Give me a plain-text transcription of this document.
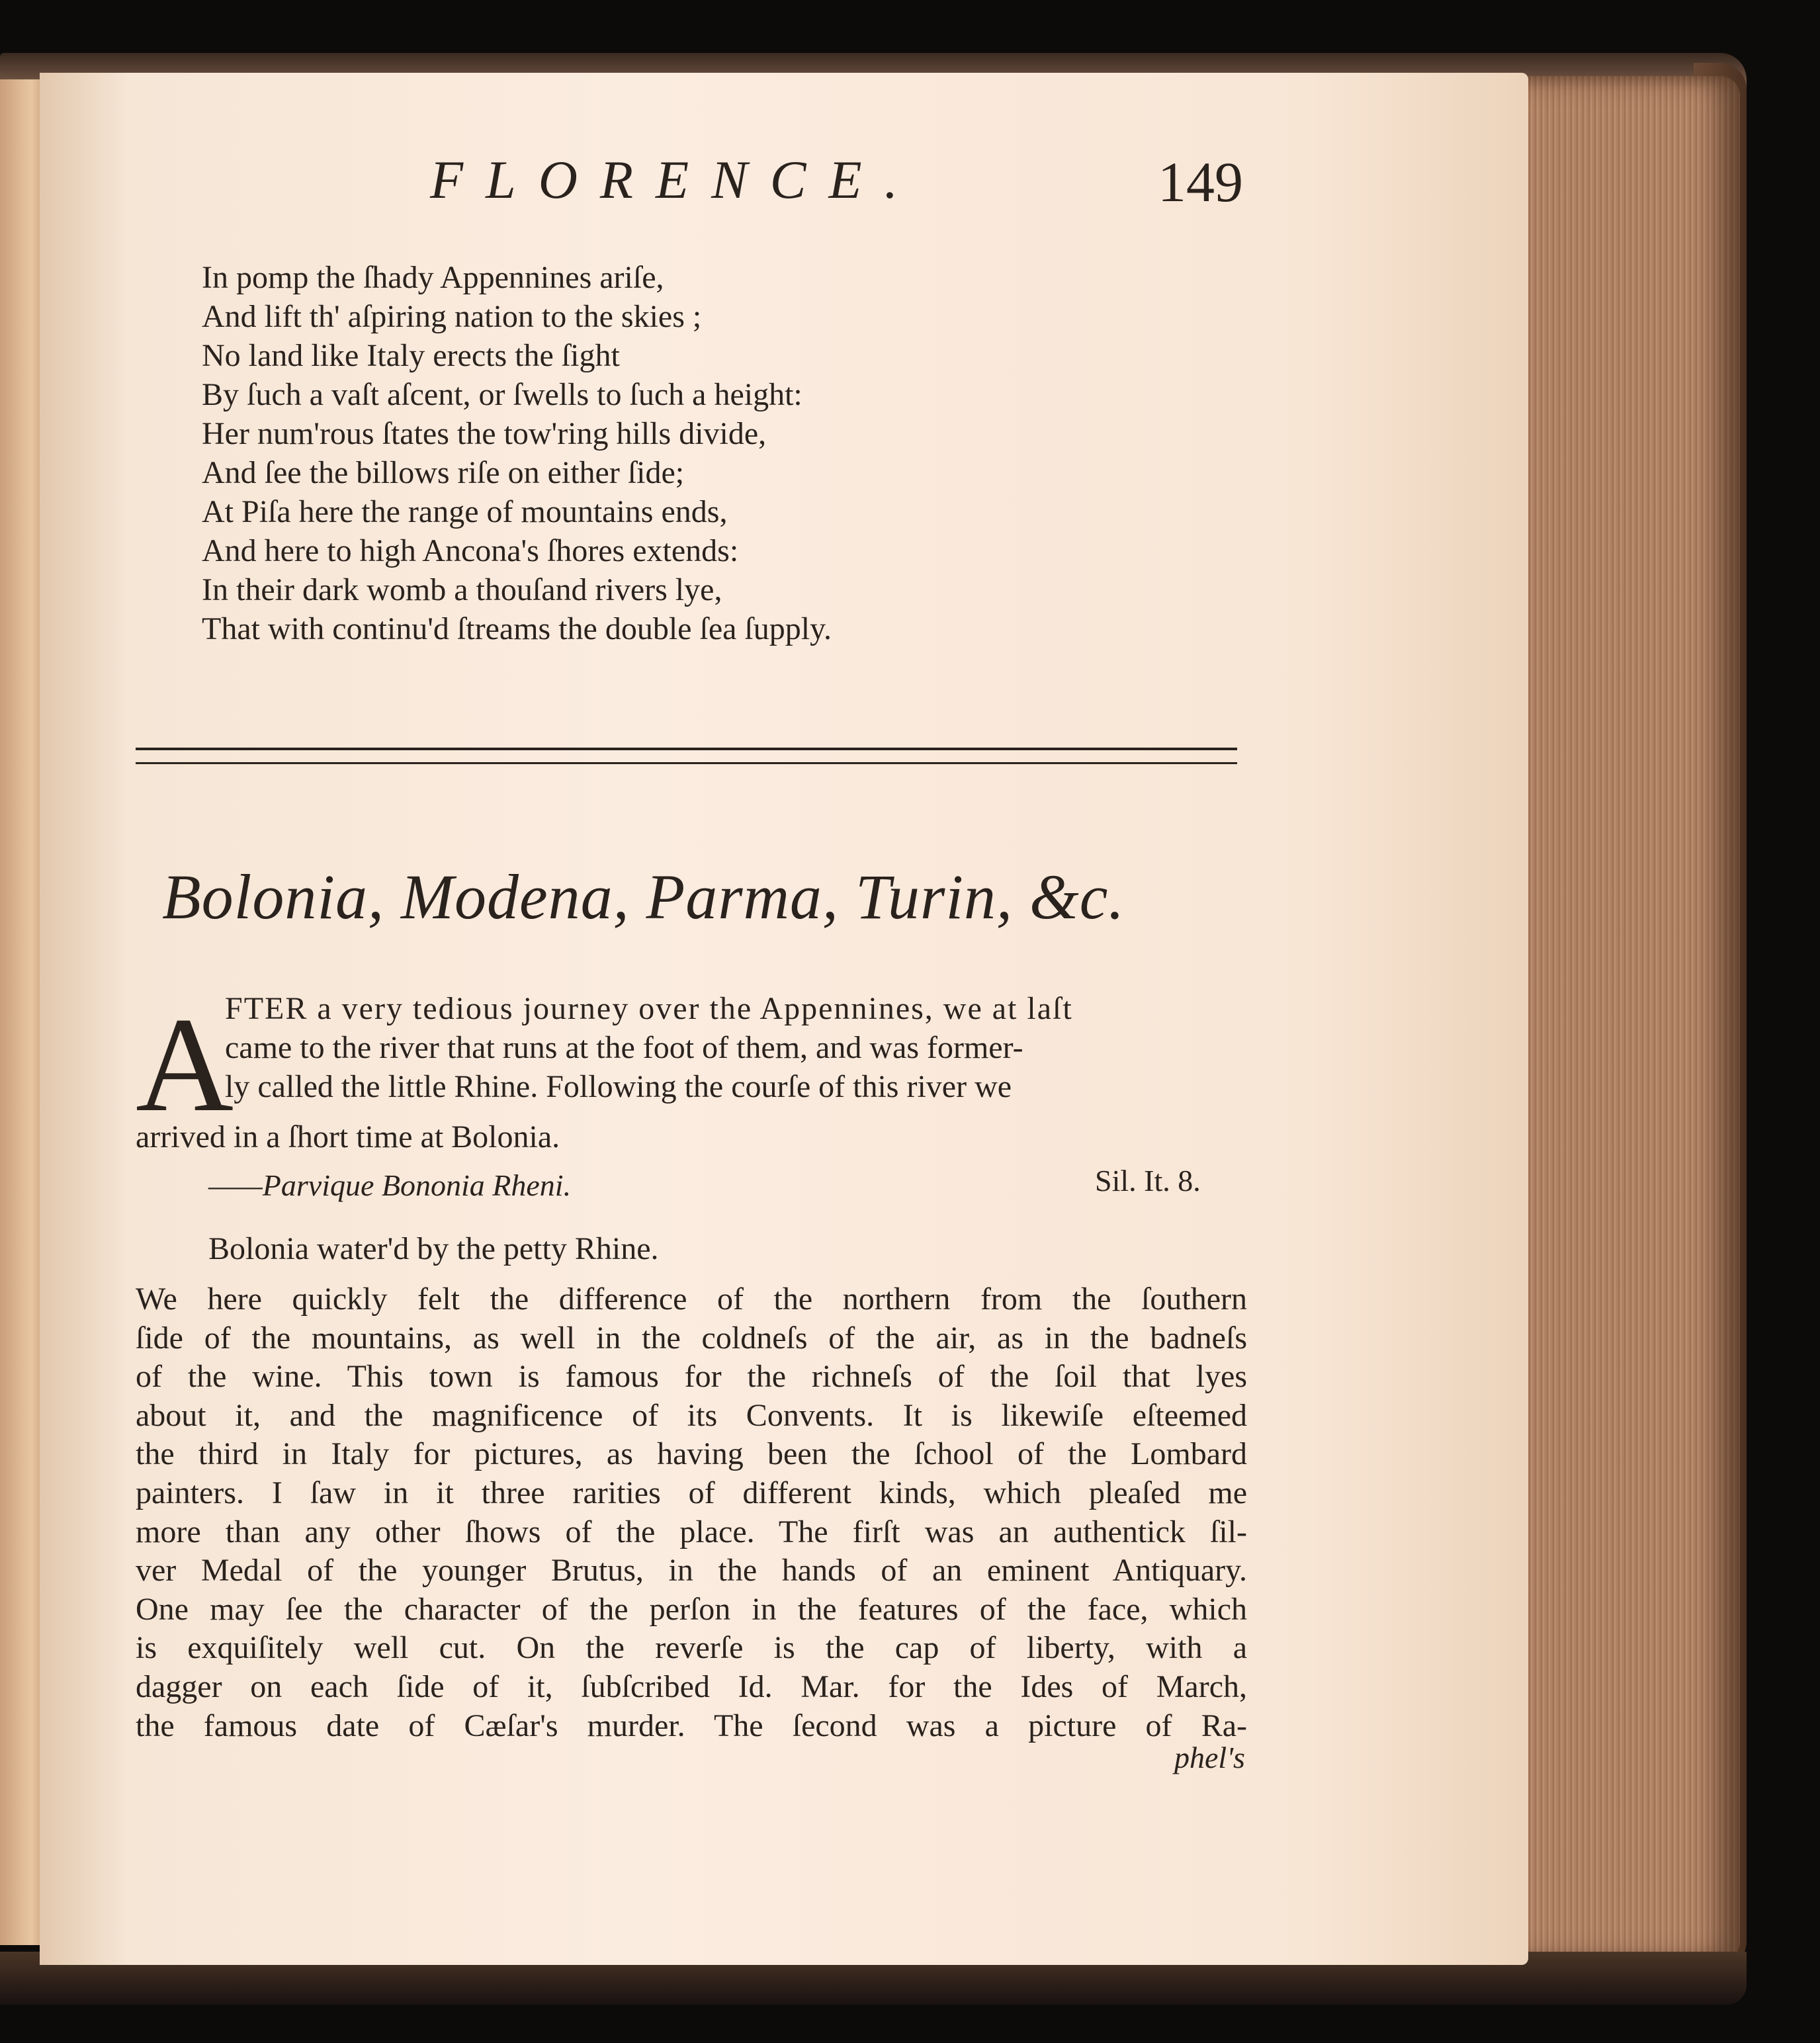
FLORENCE.	149
In pomp the ſhady Appennines ariſe,
And lift th' aſpiring nation to the skies ;
No land like Italy erects the ſight
By ſuch a vaſt aſcent, or ſwells to ſuch a height:
Her num'rous ſtates the tow'ring hills divide,
And ſee the billows riſe on either ſide;
At Piſa here the range of mountains ends,
And here to high Ancona's ſhores extends:
In their dark womb a thouſand rivers lye,
That with continu'd ſtreams the double ſea ſupply.
Bolonia, Modena, Parma, Turin, &c.
A
FTER a very tedious journey over the Appennines, we at laſt
came to the river that runs at the foot of them, and was former-
ly called the little Rhine. Following the courſe of this river we
arrived in a ſhort time at Bolonia.
——Parvique Bononia Rheni.	Sil. It. 8.
Bolonia water'd by the petty Rhine.
We here quickly felt the difference of the northern from the ſouthern
ſide of the mountains, as well in the coldneſs of the air, as in the badneſs
of the wine. This town is famous for the richneſs of the ſoil that lyes
about it, and the magnificence of its Convents. It is likewiſe eſteemed
the third in Italy for pictures, as having been the ſchool of the Lombard
painters. I ſaw in it three rarities of different kinds, which pleaſed me
more than any other ſhows of the place. The firſt was an authentick ſil-
ver Medal of the younger Brutus, in the hands of an eminent Antiquary.
One may ſee the character of the perſon in the features of the face, which
is exquiſitely well cut. On the reverſe is the cap of liberty, with a
dagger on each ſide of it, ſubſcribed Id. Mar. for the Ides of March,
the famous date of Cæſar's murder. The ſecond was a picture of Ra-
phel's
